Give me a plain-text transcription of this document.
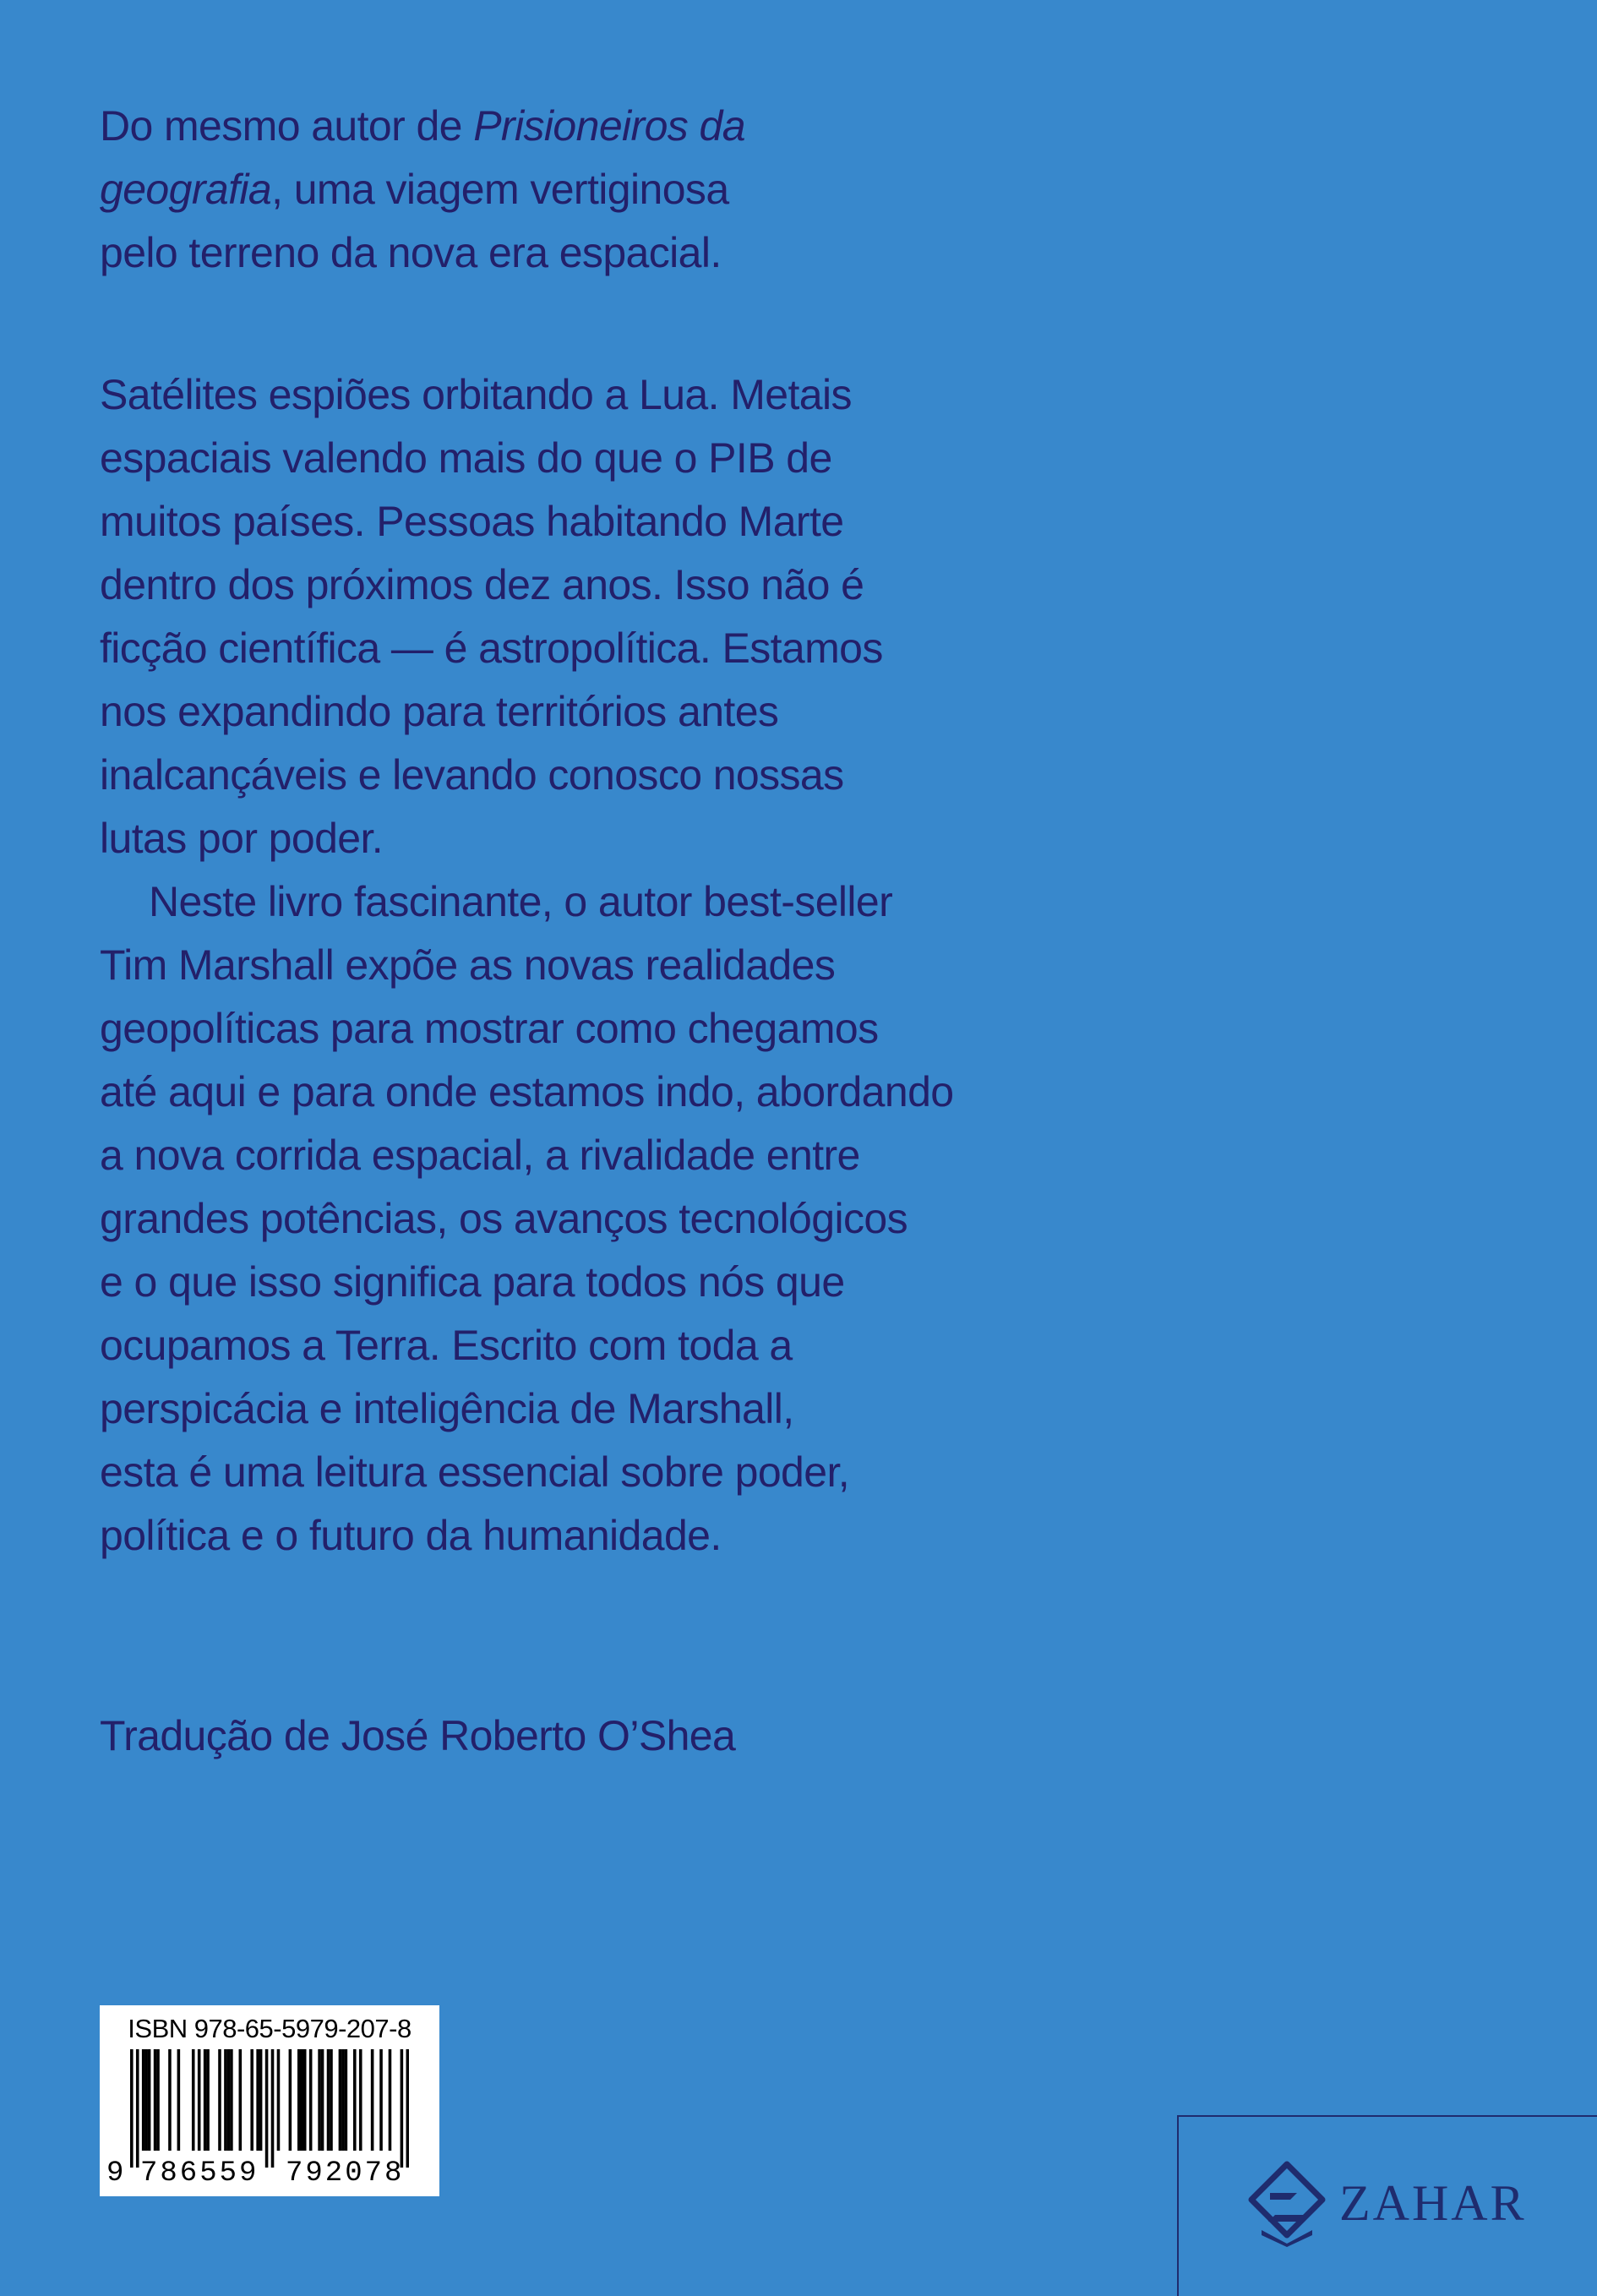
Do mesmo autor de Prisioneiros da

geografia, uma viagem vertiginosa

pelo terreno da nova era espacial.

Satélites espiões orbitando a Lua. Metais

espaciais valendo mais do que o PIB de

muitos países. Pessoas habitando Marte

dentro dos próximos dez anos. Isso não é

ficção científica — é astropolítica. Estamos

nos expandindo para territórios antes

inalcançáveis e levando conosco nossas

lutas por poder.

Neste livro fascinante, o autor best-seller

Tim Marshall expõe as novas realidades

geopolíticas para mostrar como chegamos

até aqui e para onde estamos indo, abordando

a nova corrida espacial, a rivalidade entre

grandes potências, os avanços tecnológicos

e o que isso significa para todos nós que

ocupamos a Terra. Escrito com toda a

perspicácia e inteligência de Marshall,

esta é uma leitura essencial sobre poder,

política e o futuro da humanidade.

Tradução de José Roberto O’Shea
ISBN 978-65-5979-207-8
9 786559 792078
ZAHAR
